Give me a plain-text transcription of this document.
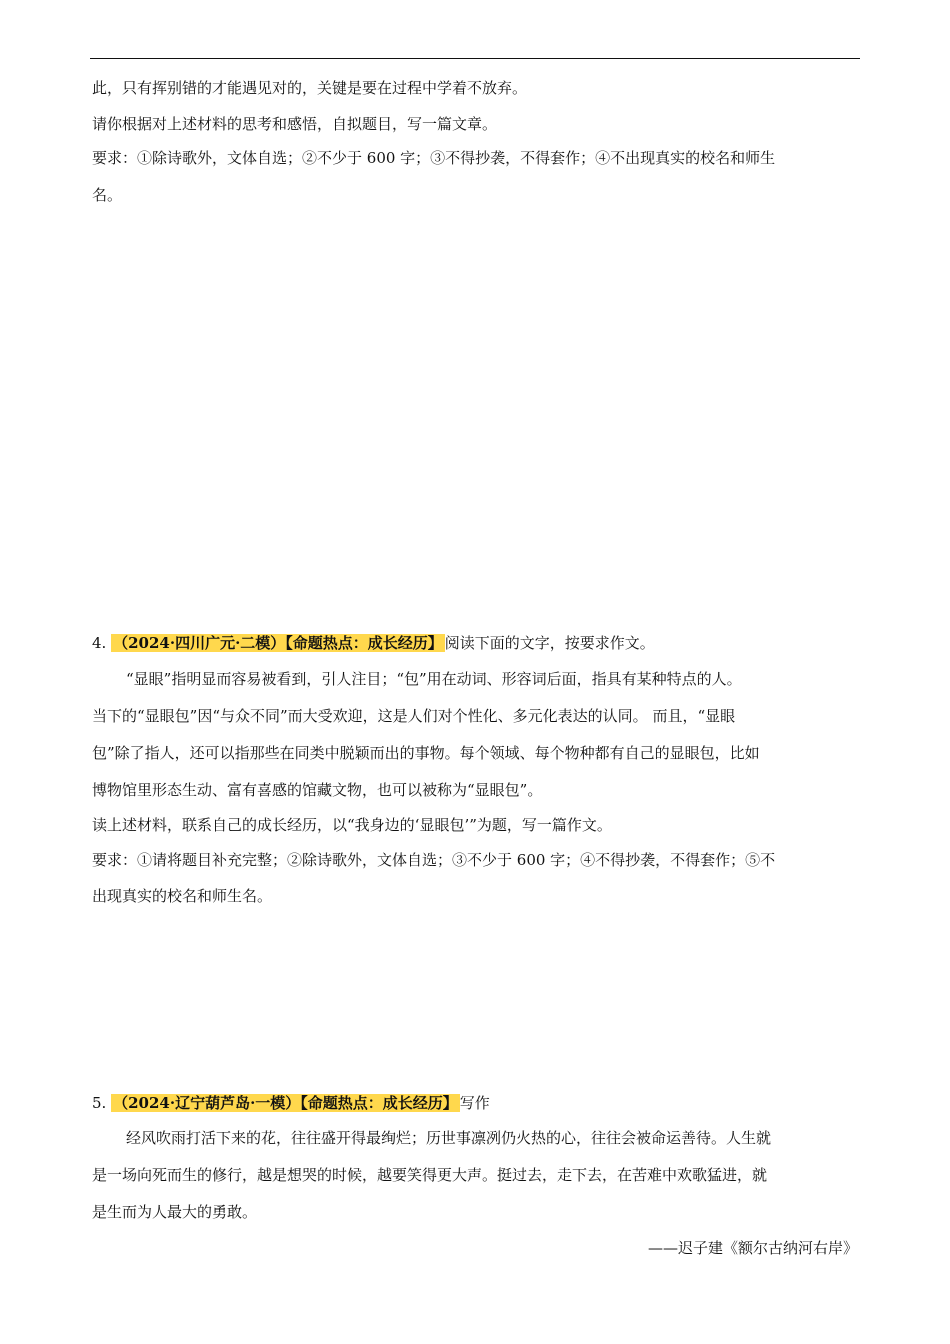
此，只有挥别错的才能遇见对的，关键是要在过程中学着不放弃。
请你根据对上述材料的思考和感悟，自拟题目，写一篇文章。
要求：①除诗歌外，文体自选；②不少于 600 字；③不得抄袭，不得套作；④不出现真实的校名和师生
名。
4. （2024·四川广元·二模）【命题热点：成长经历】 阅读下面的文字，按要求作文。
“显眼”指明显而容易被看到，引人注目；“包”用在动词、形容词后面，指具有某种特点的人。
当下的“显眼包”因“与众不同”而大受欢迎，这是人们对个性化、多元化表达的认同。 而且，“显眼
包”除了指人，还可以指那些在同类中脱颖而出的事物。每个领域、每个物种都有自己的显眼包，比如
博物馆里形态生动、富有喜感的馆藏文物，也可以被称为“显眼包”。
读上述材料，联系自己的成长经历，以“我身边的‘显眼包’”为题，写一篇作文。
要求：①请将题目补充完整；②除诗歌外，文体自选；③不少于 600 字；④不得抄袭，不得套作；⑤不
出现真实的校名和师生名。
5. （2024·辽宁葫芦岛·一模）【命题热点：成长经历】 写作
经风吹雨打活下来的花，往往盛开得最绚烂；历世事凛冽仍火热的心，往往会被命运善待。人生就
是一场向死而生的修行，越是想哭的时候，越要笑得更大声。挺过去，走下去，在苦难中欢歌猛进，就
是生而为人最大的勇敢。
——迟子建《额尔古纳河右岸》
